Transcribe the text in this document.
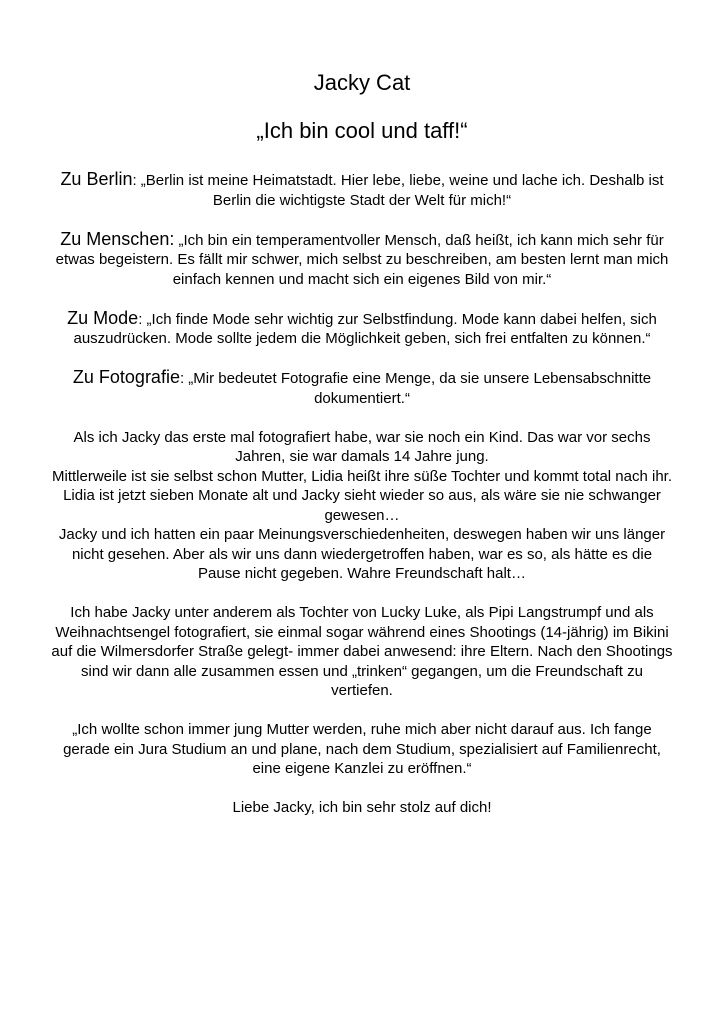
Jacky Cat
„Ich bin cool und taff!“

Zu Berlin: „Berlin ist meine Heimatstadt. Hier lebe, liebe, weine und lache ich. Deshalb ist Berlin die wichtigste Stadt der Welt für mich!“

Zu Menschen: „Ich bin ein temperamentvoller Mensch, daß heißt, ich kann mich sehr für etwas begeistern. Es fällt mir schwer, mich selbst zu beschreiben, am besten lernt man mich einfach kennen und macht sich ein eigenes Bild von mir.“

Zu Mode: „Ich finde Mode sehr wichtig zur Selbstfindung. Mode kann dabei helfen, sich auszudrücken. Mode sollte jedem die Möglichkeit geben, sich frei entfalten zu können.“

Zu Fotografie: „Mir bedeutet Fotografie eine Menge, da sie unsere Lebensabschnitte dokumentiert.“

Als ich Jacky das erste mal fotografiert habe, war sie noch ein Kind. Das war vor sechs Jahren, sie war damals 14 Jahre jung.

Mittlerweile ist sie selbst schon Mutter, Lidia heißt ihre süße Tochter und kommt total nach ihr. Lidia ist jetzt sieben Monate alt und Jacky sieht wieder so aus, als wäre sie nie schwanger gewesen…

Jacky und ich hatten ein paar Meinungsverschiedenheiten, deswegen haben wir uns länger nicht gesehen. Aber als wir uns dann wiedergetroffen haben, war es so, als hätte es die Pause nicht gegeben. Wahre Freundschaft halt…

Ich habe Jacky unter anderem als Tochter von Lucky Luke, als Pipi Langstrumpf und als Weihnachtsengel fotografiert, sie einmal sogar während eines Shootings (14-jährig) im Bikini auf die Wilmersdorfer Straße gelegt- immer dabei anwesend: ihre Eltern. Nach den Shootings sind wir dann alle zusammen essen und „trinken“ gegangen, um die Freundschaft zu vertiefen.

„Ich wollte schon immer jung Mutter werden, ruhe mich aber nicht darauf aus. Ich fange gerade ein Jura Studium an und plane, nach dem Studium, spezialisiert auf Familienrecht, eine eigene Kanzlei zu eröffnen.“

Liebe Jacky, ich bin sehr stolz auf dich!
